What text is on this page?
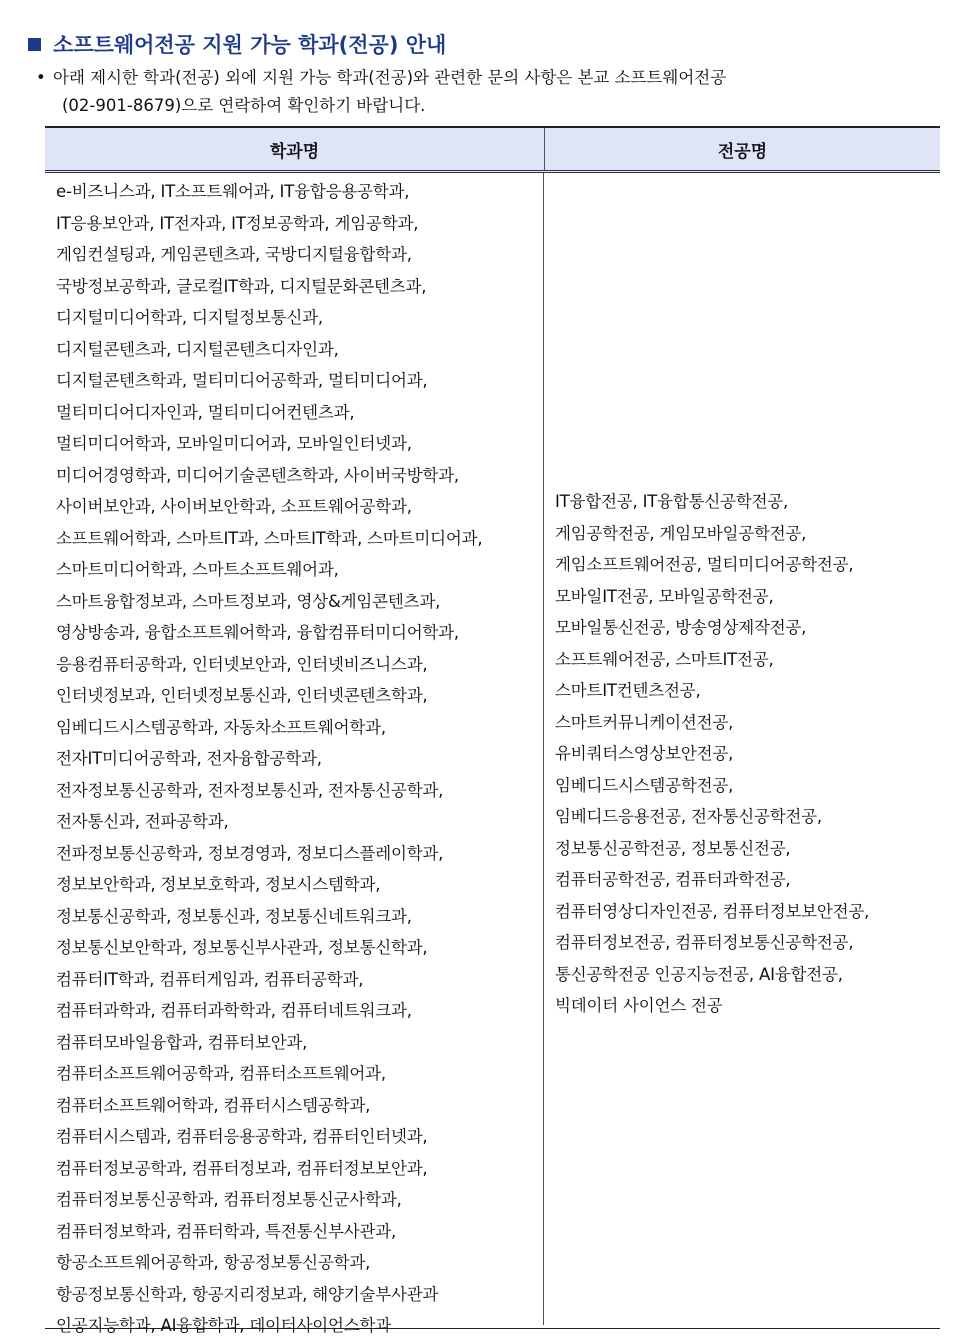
소프트웨어전공 지원 가능 학과(전공) 안내
• 아래 제시한 학과(전공) 외에 지원 가능 학과(전공)와 관련한 문의 사항은 본교 소프트웨어전공
(02-901-8679)으로 연락하여 확인하기 바랍니다.
학과명	전공명
e-비즈니스과, IT소프트웨어과, IT융합응용공학과,
IT응용보안과, IT전자과, IT정보공학과, 게임공학과,
게임컨설팅과, 게임콘텐츠과, 국방디지털융합학과,
국방정보공학과, 글로컬IT학과, 디지털문화콘텐츠과,
디지털미디어학과, 디지털정보통신과,
디지털콘텐츠과, 디지털콘텐츠디자인과,
디지털콘텐츠학과, 멀티미디어공학과, 멀티미디어과,
멀티미디어디자인과, 멀티미디어컨텐츠과,
멀티미디어학과, 모바일미디어과, 모바일인터넷과,
미디어경영학과, 미디어기술콘텐츠학과, 사이버국방학과,
사이버보안과, 사이버보안학과, 소프트웨어공학과,
소프트웨어학과, 스마트IT과, 스마트IT학과, 스마트미디어과,
스마트미디어학과, 스마트소프트웨어과,
스마트융합정보과, 스마트정보과, 영상&게임콘텐츠과,
영상방송과, 융합소프트웨어학과, 융합컴퓨터미디어학과,
응용컴퓨터공학과, 인터넷보안과, 인터넷비즈니스과,
인터넷정보과, 인터넷정보통신과, 인터넷콘텐츠학과,
임베디드시스템공학과, 자동차소프트웨어학과,
전자IT미디어공학과, 전자융합공학과,
전자정보통신공학과, 전자정보통신과, 전자통신공학과,
전자통신과, 전파공학과,
전파정보통신공학과, 정보경영과, 정보디스플레이학과,
정보보안학과, 정보보호학과, 정보시스템학과,
정보통신공학과, 정보통신과, 정보통신네트워크과,
정보통신보안학과, 정보통신부사관과, 정보통신학과,
컴퓨터IT학과, 컴퓨터게임과, 컴퓨터공학과,
컴퓨터과학과, 컴퓨터과학학과, 컴퓨터네트워크과,
컴퓨터모바일융합과, 컴퓨터보안과,
컴퓨터소프트웨어공학과, 컴퓨터소프트웨어과,
컴퓨터소프트웨어학과, 컴퓨터시스템공학과,
컴퓨터시스템과, 컴퓨터응용공학과, 컴퓨터인터넷과,
컴퓨터정보공학과, 컴퓨터정보과, 컴퓨터정보보안과,
컴퓨터정보통신공학과, 컴퓨터정보통신군사학과,
컴퓨터정보학과, 컴퓨터학과, 특전통신부사관과,
항공소프트웨어공학과, 항공정보통신공학과,
항공정보통신학과, 항공지리정보과, 해양기술부사관과
인공지능학과, AI융합학과, 데이터사이언스학과
IT융합전공, IT융합통신공학전공,
게임공학전공, 게임모바일공학전공,
게임소프트웨어전공, 멀티미디어공학전공,
모바일IT전공, 모바일공학전공,
모바일통신전공, 방송영상제작전공,
소프트웨어전공, 스마트IT전공,
스마트IT컨텐츠전공,
스마트커뮤니케이션전공,
유비쿼터스영상보안전공,
임베디드시스템공학전공,
임베디드응용전공, 전자통신공학전공,
정보통신공학전공, 정보통신전공,
컴퓨터공학전공, 컴퓨터과학전공,
컴퓨터영상디자인전공, 컴퓨터정보보안전공,
컴퓨터정보전공, 컴퓨터정보통신공학전공,
통신공학전공 인공지능전공, AI융합전공,
빅데이터 사이언스 전공
